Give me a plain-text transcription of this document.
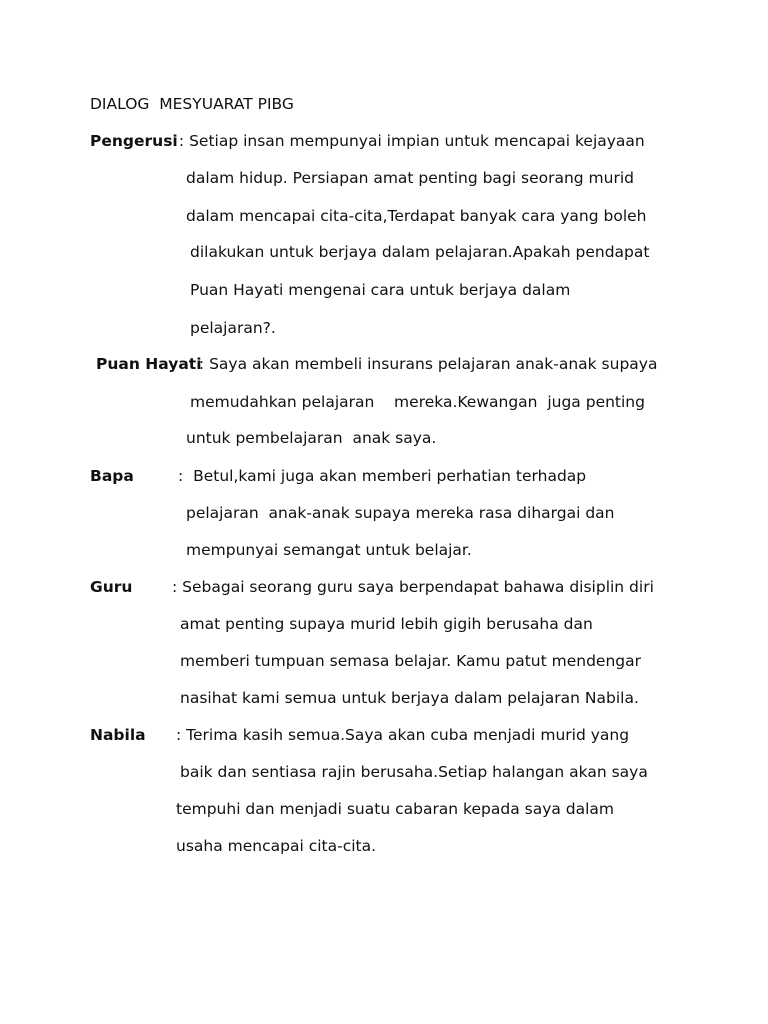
DIALOG  MESYUARAT PIBG
Pengerusi
: Setiap insan mempunyai impian untuk mencapai kejayaan
dalam hidup. Persiapan amat penting bagi seorang murid
dalam mencapai cita-cita,Terdapat banyak cara yang boleh
dilakukan untuk berjaya dalam pelajaran.Apakah pendapat
Puan Hayati mengenai cara untuk berjaya dalam
pelajaran?.
Puan Hayati
: Saya akan membeli insurans pelajaran anak-anak supaya
memudahkan pelajaran    mereka.Kewangan  juga penting
untuk pembelajaran  anak saya.
Bapa	:  Betul,kami juga akan memberi perhatian terhadap
pelajaran  anak-anak supaya mereka rasa dihargai dan
mempunyai semangat untuk belajar.
Guru	: Sebagai seorang guru saya berpendapat bahawa disiplin diri
amat penting supaya murid lebih gigih berusaha dan
memberi tumpuan semasa belajar. Kamu patut mendengar
nasihat kami semua untuk berjaya dalam pelajaran Nabila.
Nabila : Terima kasih semua.Saya akan cuba menjadi murid yang
baik dan sentiasa rajin berusaha.Setiap halangan akan saya
tempuhi dan menjadi suatu cabaran kepada saya dalam
usaha mencapai cita-cita.
